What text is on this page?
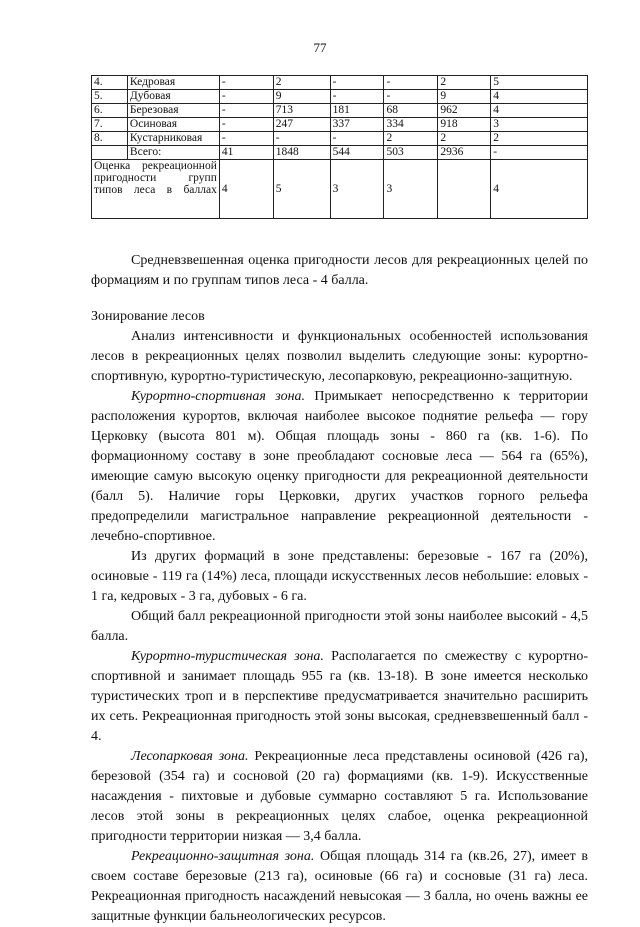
77
4.	Кедровая	-	2	-	-	2	5
5.	Дубовая	-	9	-	-	9	4
6.	Березовая	-	713	181	68	962	4
7.	Осиновая	-	247	337	334	918	3
8.	Кустарниковая	-	-	-	2	2	2
	Всего:	41	1848	544	503	2936	-
Оценка рекреационной пригодности групп типов леса в баллах		4	5	3	3		4

Средневзвешенная оценка пригодности лесов для рекреационных целей по формациям и по группам типов леса - 4 балла.

Зонирование лесов

Анализ интенсивности и функциональных особенностей использования лесов в рекреационных целях позволил выделить следующие зоны: курортно-спортивную, курортно-туристическую, лесопарковую, рекреационно-защитную.

Курортно-спортивная зона. Примыкает непосредственно к территории расположения курортов, включая наиболее высокое поднятие рельефа — гору Церковку (высота 801 м). Общая площадь зоны - 860 га (кв. 1-6). По формационному составу в зоне преобладают сосновые леса — 564 га (65%), имеющие самую высокую оценку пригодности для рекреационной деятельности (балл 5). Наличие горы Церковки, других участков горного рельефа предопределили магистральное направление рекреационной деятельности - лечебно-спортивное.

Из других формаций в зоне представлены: березовые - 167 га (20%), осиновые - 119 га (14%) леса, площади искусственных лесов небольшие: еловых - 1 га, кедровых - 3 га, дубовых - 6 га.

Общий балл рекреационной пригодности этой зоны наиболее высокий - 4,5 балла.

Курортно-туристическая зона. Располагается по смежеству с курортно-спортивной и занимает площадь 955 га (кв. 13-18). В зоне имеется несколько туристических троп и в перспективе предусматривается значительно расширить их сеть. Рекреационная пригодность этой зоны высокая, средневзвешенный балл - 4.

Лесопарковая зона. Рекреационные леса представлены осиновой (426 га), березовой (354 га) и сосновой (20 га) формациями (кв. 1-9). Искусственные насаждения - пихтовые и дубовые суммарно составляют 5 га. Использование лесов этой зоны в рекреационных целях слабое, оценка рекреационной пригодности территории низкая — 3,4 балла.

Рекреационно-защитная зона. Общая площадь 314 га (кв.26, 27), имеет в своем составе березовые (213 га), осиновые (66 га) и сосновые (31 га) леса. Рекреационная пригодность насаждений невысокая — 3 балла, но очень важны ее защитные функции бальнеологических ресурсов.
